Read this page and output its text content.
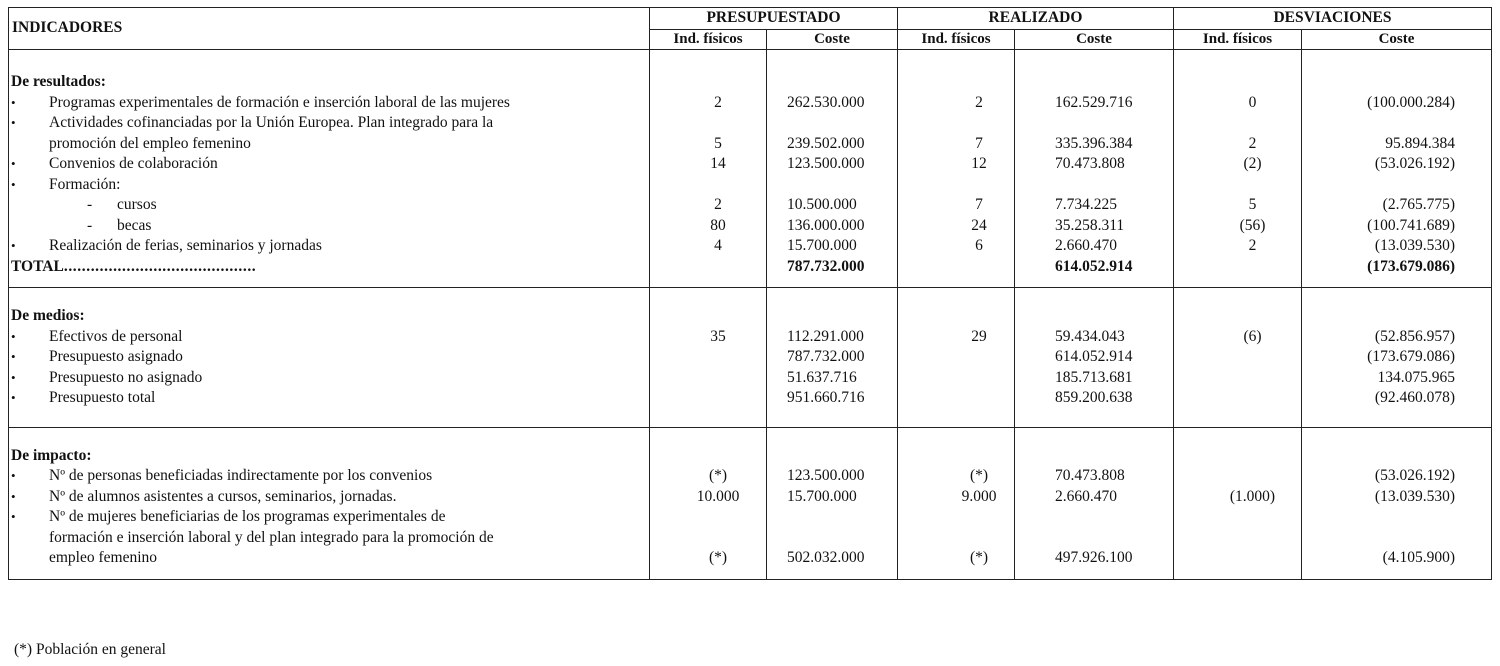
INDICADORES	PRESUPUESTADO		REALIZADO		DESVIACIONES	
	Ind. físicos	Coste	Ind. físicos	Coste	Ind. físicos	Coste

De resultados:						
• Programas experimentales de formación e inserción laboral de las mujeres	2	262.530.000	2	162.529.716	0	(100.000.284)
• Actividades cofinanciadas por la Unión Europea. Plan integrado para la						
promoción del empleo femenino	5	239.502.000	7	335.396.384	2	95.894.384
• Convenios de colaboración	14	123.500.000	12	70.473.808	(2)	(53.026.192)
• Formación:						
- cursos	2	10.500.000	7	7.734.225	5	(2.765.775)
- becas	80	136.000.000	24	35.258.311	(56)	(100.741.689)
• Realización de ferias, seminarios y jornadas	4	15.700.000	6	2.660.470	2	(13.039.530)
TOTAL...........................................		787.732.000		614.052.914		(173.679.086)

De medios:						
• Efectivos de personal	35	112.291.000	29	59.434.043	(6)	(52.856.957)
• Presupuesto asignado		787.732.000		614.052.914		(173.679.086)
• Presupuesto no asignado		51.637.716		185.713.681		134.075.965
• Presupuesto total		951.660.716		859.200.638		(92.460.078)

De impacto:						
• Nº de personas beneficiadas indirectamente por los convenios	(*)	123.500.000	(*)	70.473.808		(53.026.192)
• Nº de alumnos asistentes a cursos, seminarios, jornadas.	10.000	15.700.000	9.000	2.660.470	(1.000)	(13.039.530)
• Nº de mujeres beneficiarias de los programas experimentales de						
formación e inserción laboral y del plan integrado para la promoción de						
empleo femenino	(*)	502.032.000	(*)	497.926.100		(4.105.900)

(*) Población en general
